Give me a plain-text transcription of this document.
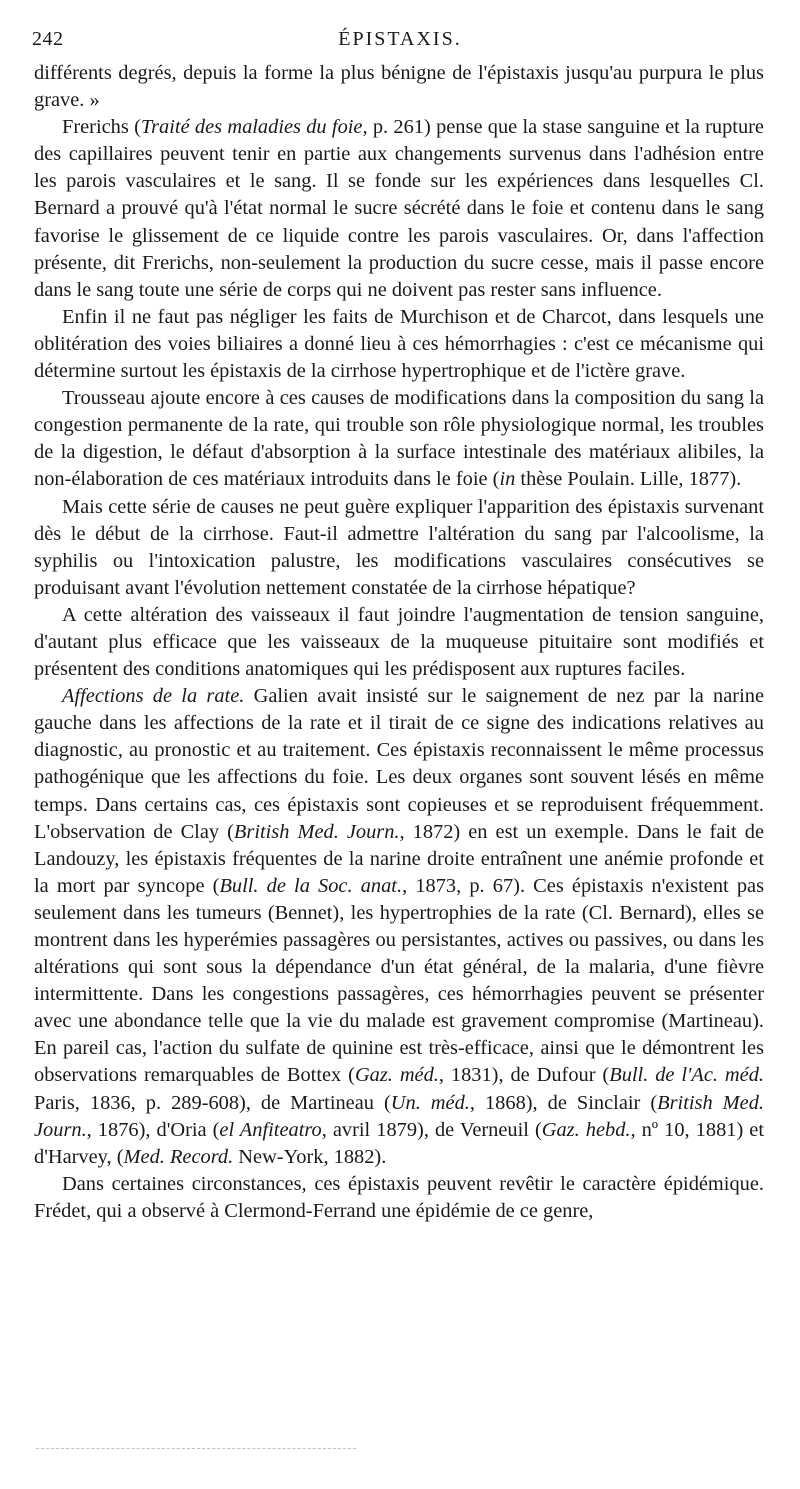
242	ÉPISTAXIS.

différents degrés, depuis la forme la plus bénigne de l'épistaxis jusqu'au purpura le plus grave. »

Frerichs (Traité des maladies du foie, p. 261) pense que la stase sanguine et la rupture des capillaires peuvent tenir en partie aux changements survenus dans l'adhésion entre les parois vasculaires et le sang. Il se fonde sur les expériences dans lesquelles Cl. Bernard a prouvé qu'à l'état normal le sucre sécrété dans le foie et contenu dans le sang favorise le glissement de ce liquide contre les parois vasculaires. Or, dans l'affection présente, dit Frerichs, non-seulement la production du sucre cesse, mais il passe encore dans le sang toute une série de corps qui ne doivent pas rester sans influence.

Enfin il ne faut pas négliger les faits de Murchison et de Charcot, dans lesquels une oblitération des voies biliaires a donné lieu à ces hémorrhagies : c'est ce mécanisme qui détermine surtout les épistaxis de la cirrhose hypertrophique et de l'ictère grave.

Trousseau ajoute encore à ces causes de modifications dans la composition du sang la congestion permanente de la rate, qui trouble son rôle physiologique normal, les troubles de la digestion, le défaut d'absorption à la surface intestinale des matériaux alibiles, la non-élaboration de ces matériaux introduits dans le foie (in thèse Poulain. Lille, 1877).

Mais cette série de causes ne peut guère expliquer l'apparition des épistaxis survenant dès le début de la cirrhose. Faut-il admettre l'altération du sang par l'alcoolisme, la syphilis ou l'intoxication palustre, les modifications vasculaires consécutives se produisant avant l'évolution nettement constatée de la cirrhose hépatique?

A cette altération des vaisseaux il faut joindre l'augmentation de tension sanguine, d'autant plus efficace que les vaisseaux de la muqueuse pituitaire sont modifiés et présentent des conditions anatomiques qui les prédisposent aux ruptures faciles.

Affections de la rate. Galien avait insisté sur le saignement de nez par la narine gauche dans les affections de la rate et il tirait de ce signe des indications relatives au diagnostic, au pronostic et au traitement. Ces épistaxis reconnaissent le même processus pathogénique que les affections du foie. Les deux organes sont souvent lésés en même temps. Dans certains cas, ces épistaxis sont copieuses et se reproduisent fréquemment. L'observation de Clay (British Med. Journ., 1872) en est un exemple. Dans le fait de Landouzy, les épistaxis fréquentes de la narine droite entraînent une anémie profonde et la mort par syncope (Bull. de la Soc. anat., 1873, p. 67). Ces épistaxis n'existent pas seulement dans les tumeurs (Bennet), les hypertrophies de la rate (Cl. Bernard), elles se montrent dans les hyperémies passagères ou persistantes, actives ou passives, ou dans les altérations qui sont sous la dépendance d'un état général, de la malaria, d'une fièvre intermittente. Dans les congestions passagères, ces hémorrhagies peuvent se présenter avec une abondance telle que la vie du malade est gravement compromise (Martineau). En pareil cas, l'action du sulfate de quinine est très-efficace, ainsi que le démontrent les observations remarquables de Bottex (Gaz. méd., 1831), de Dufour (Bull. de l'Ac. méd. Paris, 1836, p. 289-608), de Martineau (Un. méd., 1868), de Sinclair (British Med. Journ., 1876), d'Oria (el Anfiteatro, avril 1879), de Verneuil (Gaz. hebd., nº 10, 1881) et d'Harvey, (Med. Record. New-York, 1882).

Dans certaines circonstances, ces épistaxis peuvent revêtir le caractère épidémique. Frédet, qui a observé à Clermond-Ferrand une épidémie de ce genre,
